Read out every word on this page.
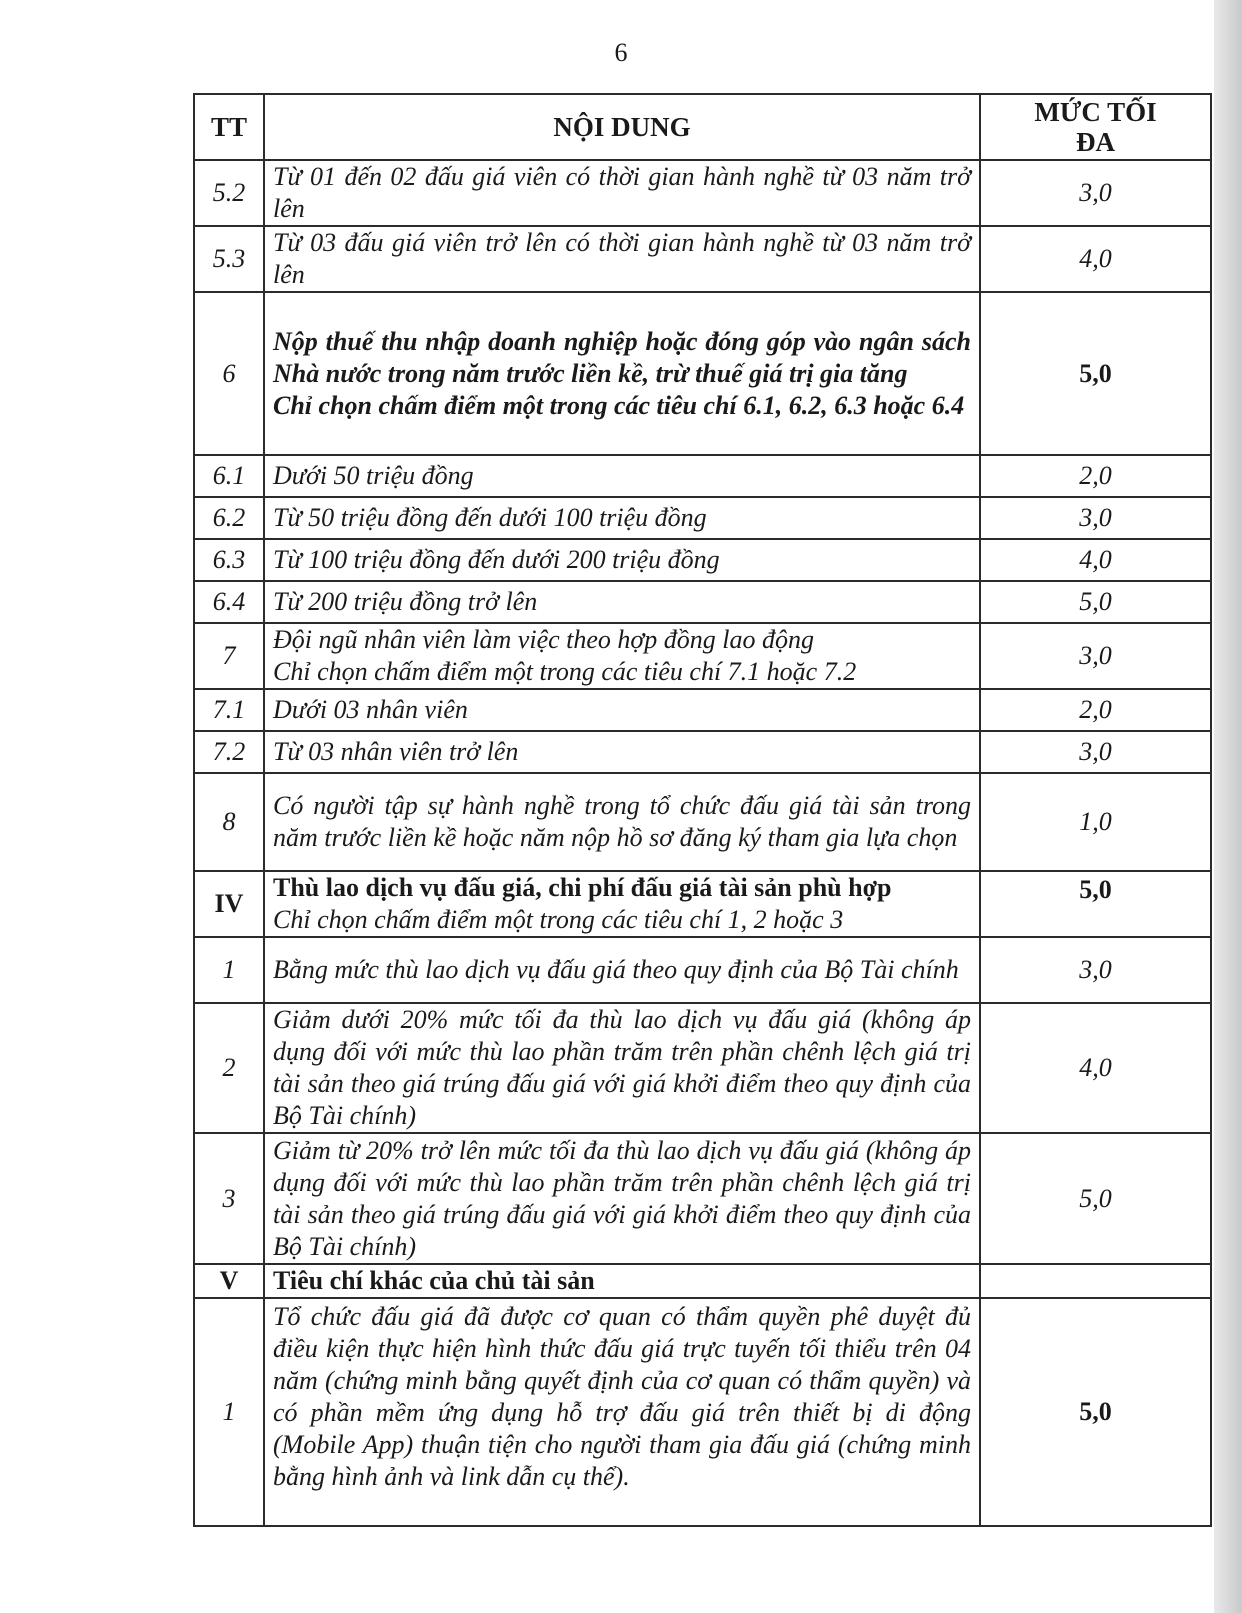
6
TT	NỘI DUNG	MỨC TỐI
ĐA

5.2	Từ 01 đến 02 đấu giá viên có thời gian hành nghề từ 03 năm trở lên	3,0
5.3	Từ 03 đấu giá viên trở lên có thời gian hành nghề từ 03 năm trở lên	4,0
6	Nộp thuế thu nhập doanh nghiệp hoặc đóng góp vào ngân sách Nhà nước trong năm trước liền kề, trừ thuế giá trị gia tăng
Chỉ chọn chấm điểm một trong các tiêu chí 6.1, 6.2, 6.3 hoặc 6.4	5,0
6.1	Dưới 50 triệu đồng	2,0
6.2	Từ 50 triệu đồng đến dưới 100 triệu đồng	3,0
6.3	Từ 100 triệu đồng đến dưới 200 triệu đồng	4,0
6.4	Từ 200 triệu đồng trở lên	5,0
7	Đội ngũ nhân viên làm việc theo hợp đồng lao động
Chỉ chọn chấm điểm một trong các tiêu chí 7.1 hoặc 7.2	3,0
7.1	Dưới 03 nhân viên	2,0
7.2	Từ 03 nhân viên trở lên	3,0
8	Có người tập sự hành nghề trong tổ chức đấu giá tài sản trong năm trước liền kề hoặc năm nộp hồ sơ đăng ký tham gia lựa chọn	1,0
IV	Thù lao dịch vụ đấu giá, chi phí đấu giá tài sản phù hợp
Chỉ chọn chấm điểm một trong các tiêu chí 1, 2 hoặc 3	5,0
1	Bằng mức thù lao dịch vụ đấu giá theo quy định của Bộ Tài chính	3,0
2	Giảm dưới 20% mức tối đa thù lao dịch vụ đấu giá (không áp dụng đối với mức thù lao phần trăm trên phần chênh lệch giá trị tài sản theo giá trúng đấu giá với giá khởi điểm theo quy định của Bộ Tài chính)	4,0
3	Giảm từ 20% trở lên mức tối đa thù lao dịch vụ đấu giá (không áp dụng đối với mức thù lao phần trăm trên phần chênh lệch giá trị tài sản theo giá trúng đấu giá với giá khởi điểm theo quy định của Bộ Tài chính)	5,0
V	Tiêu chí khác của chủ tài sản	
1	Tổ chức đấu giá đã được cơ quan có thẩm quyền phê duyệt đủ điều kiện thực hiện hình thức đấu giá trực tuyến tối thiểu trên 04 năm (chứng minh bằng quyết định của cơ quan có thẩm quyền) và có phần mềm ứng dụng hỗ trợ đấu giá trên thiết bị di động (Mobile App) thuận tiện cho người tham gia đấu giá (chứng minh bằng hình ảnh và link dẫn cụ thể).	5,0
